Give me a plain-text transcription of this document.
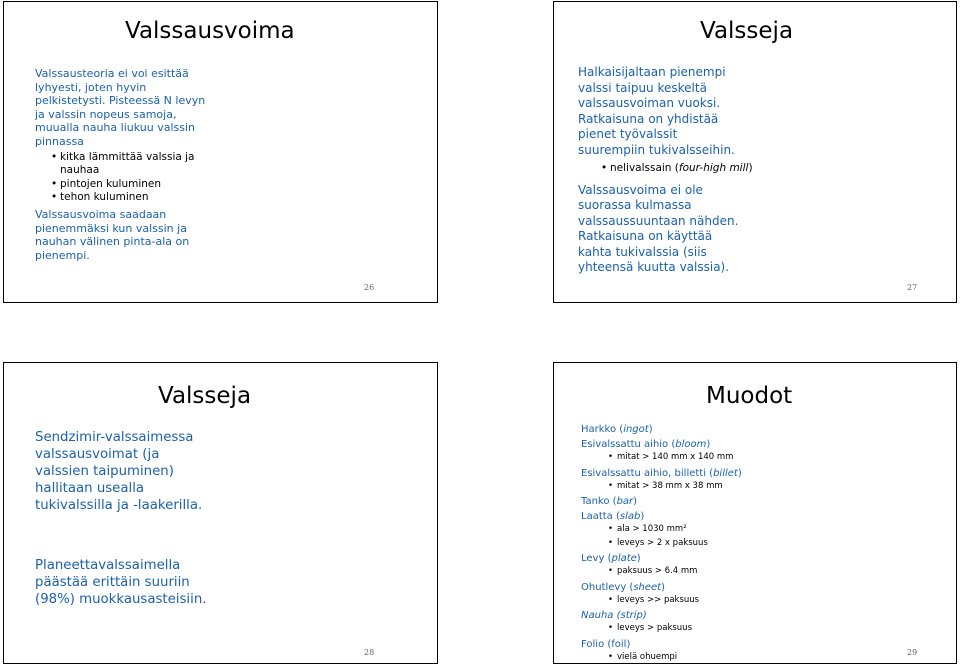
Valssausvoima
Valssausteoria ei voi esittää
lyhyesti, joten hyvin
pelkistetysti. Pisteessä N levyn
ja valssin nopeus samoja,
muualla nauha liukuu valssin
pinnassa
• kitka lämmittää valssia ja
nauhaa
• pintojen kuluminen
• tehon kuluminen
Valssausvoima saadaan
pienemmäksi kun valssin ja
nauhan välinen pinta-ala on
pienempi.
26
Valsseja
Halkaisijaltaan pienempi
valssi taipuu keskeltä
valssausvoiman vuoksi.
Ratkaisuna on yhdistää
pienet työvalssit
suurempiin tukivalsseihin.
• nelivalssain (four-high mill)
Valssausvoima ei ole
suorassa kulmassa
valssaussuuntaan nähden.
Ratkaisuna on käyttää
kahta tukivalssia (siis
yhteensä kuutta valssia).
27
Valsseja
Sendzimir-valssaimessa
valssausvoimat (ja
valssien taipuminen)
hallitaan usealla
tukivalssilla ja -laakerilla.
Planeettavalssaimella
päästää erittäin suuriin
(98%) muokkausasteisiin.
28
Muodot
Harkko (ingot)
Esivalssattu aihio (bloom)
• mitat > 140 mm x 140 mm
Esivalssattu aihio, billetti (billet)
• mitat > 38 mm x 38 mm
Tanko (bar)
Laatta (slab)
• ala > 1030 mm²
• leveys > 2 x paksuus
Levy (plate)
• paksuus > 6.4 mm
Ohutlevy (sheet)
• leveys >> paksuus
Nauha (strip)
• leveys > paksuus
Folio (foil)
• vielä ohuempi	29
